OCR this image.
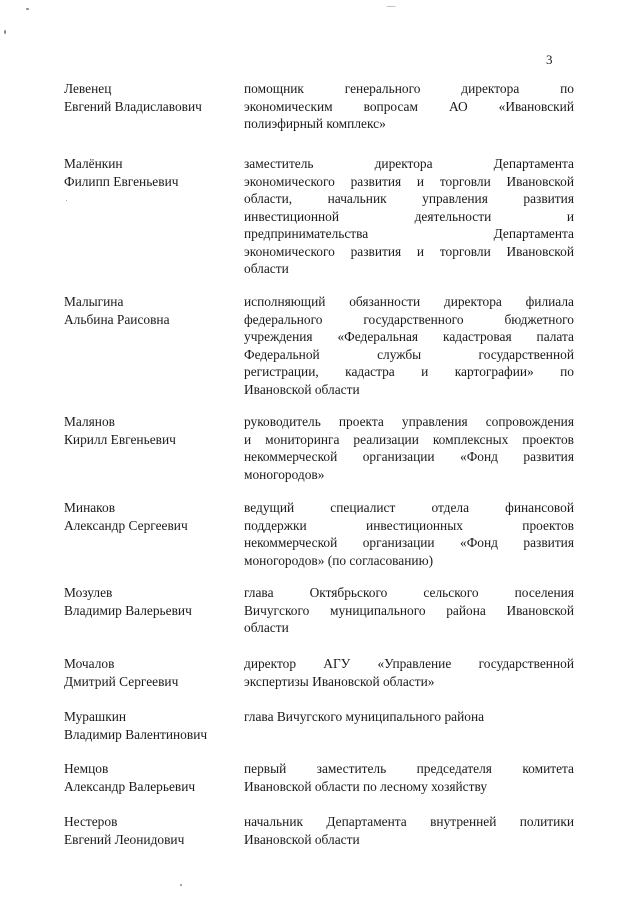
3
Левенец
Евгений Владиславович
помощник генерального директора по
экономическим вопросам АО «Ивановский
полиэфирный комплекс»
Малёнкин
Филипп Евгеньевич
заместитель директора Департамента
экономического развития и торговли Ивановской
области, начальник управления развития
инвестиционной деятельности и
предпринимательства Департамента
экономического развития и торговли Ивановской
области
Малыгина
Альбина Раисовна
исполняющий обязанности директора филиала
федерального государственного бюджетного
учреждения «Федеральная кадастровая палата
Федеральной службы государственной
регистрации, кадастра и картографии» по
Ивановской области
Малянов
Кирилл Евгеньевич
руководитель проекта управления сопровождения
и мониторинга реализации комплексных проектов
некоммерческой организации «Фонд развития
моногородов»
Минаков
Александр Сергеевич
ведущий специалист отдела финансовой
поддержки инвестиционных проектов
некоммерческой организации «Фонд развития
моногородов» (по согласованию)
Мозулев
Владимир Валерьевич
глава Октябрьского сельского поселения
Вичугского муниципального района Ивановской
области
Мочалов
Дмитрий Сергеевич
директор АГУ «Управление государственной
экспертизы Ивановской области»
Мурашкин
Владимир Валентинович
глава Вичугского муниципального района
Немцов
Александр Валерьевич
первый заместитель председателя комитета
Ивановской области по лесному хозяйству
Нестеров
Евгений Леонидович
начальник Департамента внутренней политики
Ивановской области
